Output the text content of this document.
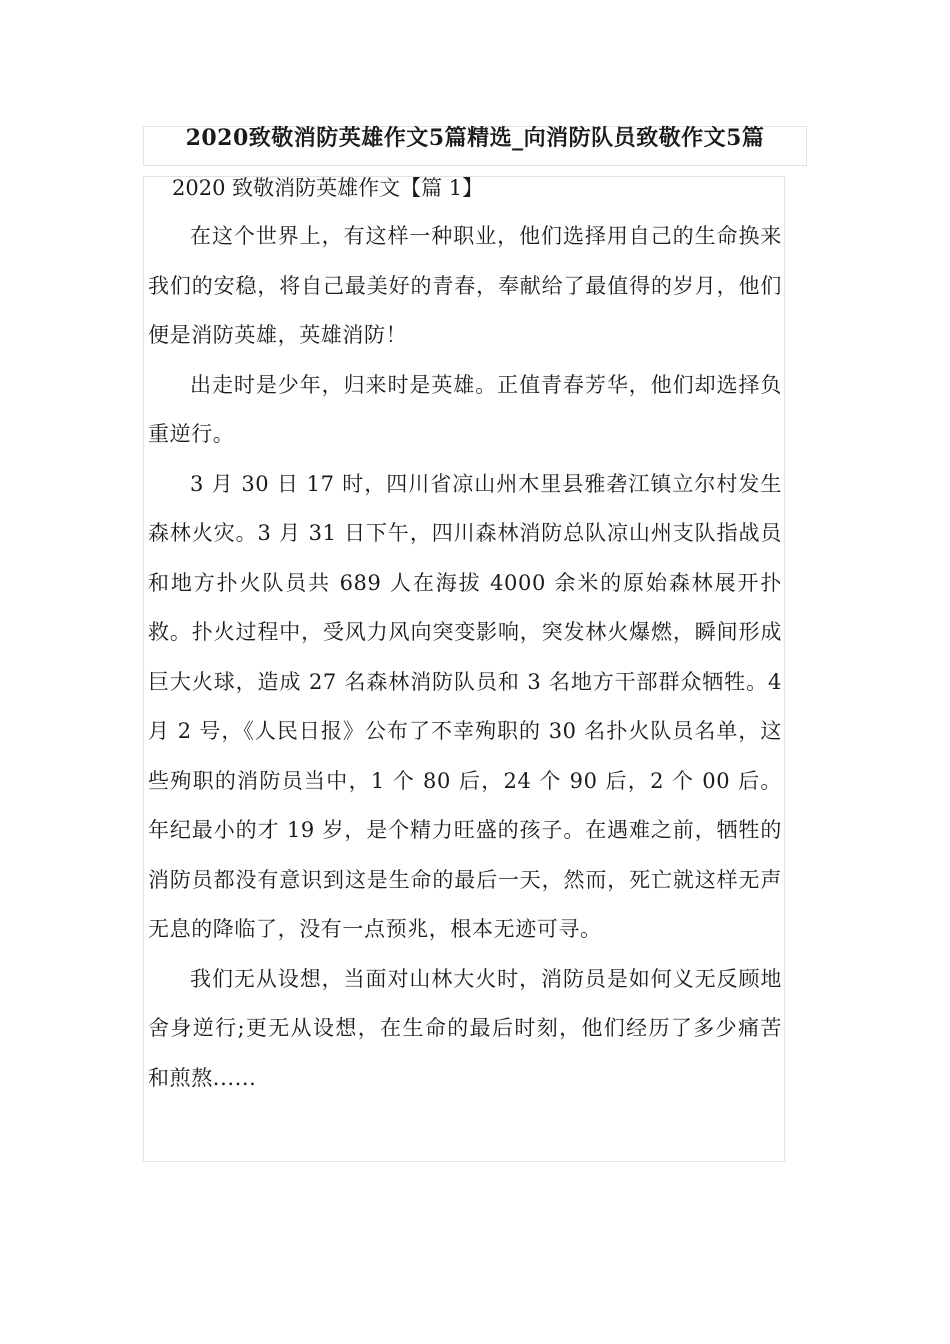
2020致敬消防英雄作文5篇精选_向消防队员致敬作文5篇
2020 致敬消防英雄作文【篇 1】

在这个世界上，有这样一种职业，他们选择用自己的生命换来我们的安稳，将自己最美好的青春，奉献给了最值得的岁月，他们便是消防英雄，英雄消防！

出走时是少年，归来时是英雄。正值青春芳华，他们却选择负重逆行。

3 月 30 日 17 时，四川省凉山州木里县雅砻江镇立尔村发生森林火灾。3 月 31 日下午，四川森林消防总队凉山州支队指战员和地方扑火队员共 689 人在海拔 4000 余米的原始森林展开扑救。扑火过程中，受风力风向突变影响，突发林火爆燃，瞬间形成巨大火球，造成 27 名森林消防队员和 3 名地方干部群众牺牲。4 月 2 号，《人民日报》公布了不幸殉职的 30 名扑火队员名单，这些殉职的消防员当中，1 个 80 后，24 个 90 后，2 个 00 后。年纪最小的才 19 岁，是个精力旺盛的孩子。在遇难之前，牺牲的消防员都没有意识到这是生命的最后一天，然而，死亡就这样无声无息的降临了，没有一点预兆，根本无迹可寻。

我们无从设想，当面对山林大火时，消防员是如何义无反顾地舍身逆行;更无从设想，在生命的最后时刻，他们经历了多少痛苦和煎熬......
